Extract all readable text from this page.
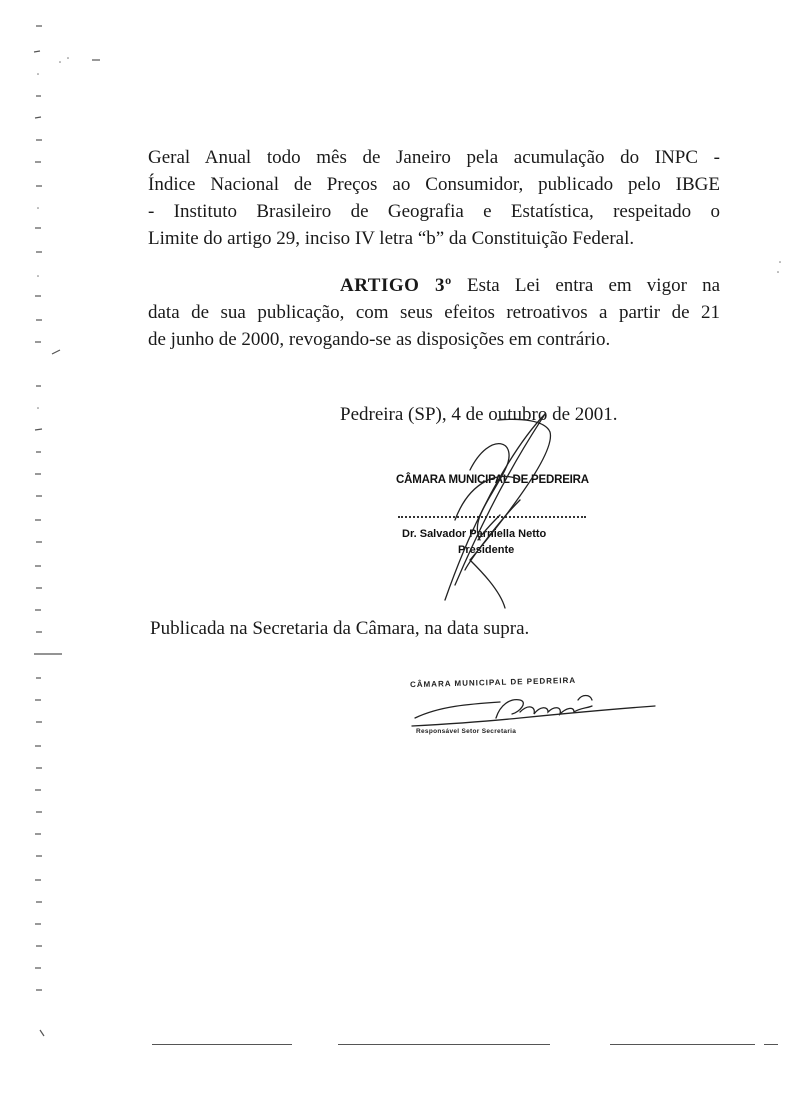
Geral Anual todo mês de Janeiro pela acumulação do INPC -
Índice Nacional de Preços ao Consumidor, publicado pelo IBGE
- Instituto Brasileiro de Geografia e Estatística, respeitado o
Limite do artigo 29, inciso IV letra “b” da Constituição Federal.
ARTIGO 3º Esta Lei entra em vigor na
data de sua publicação, com seus efeitos retroativos a partir de 21
de junho de 2000, revogando-se as disposições em contrário.
Pedreira (SP), 4 de outubro de 2001.
CÂMARA MUNICIPAL DE PEDREIRA
Dr. Salvador Parniella Netto
Presidente
Publicada na Secretaria da Câmara, na data supra.
CÂMARA MUNICIPAL DE PEDREIRA
Responsável Setor Secretaria
